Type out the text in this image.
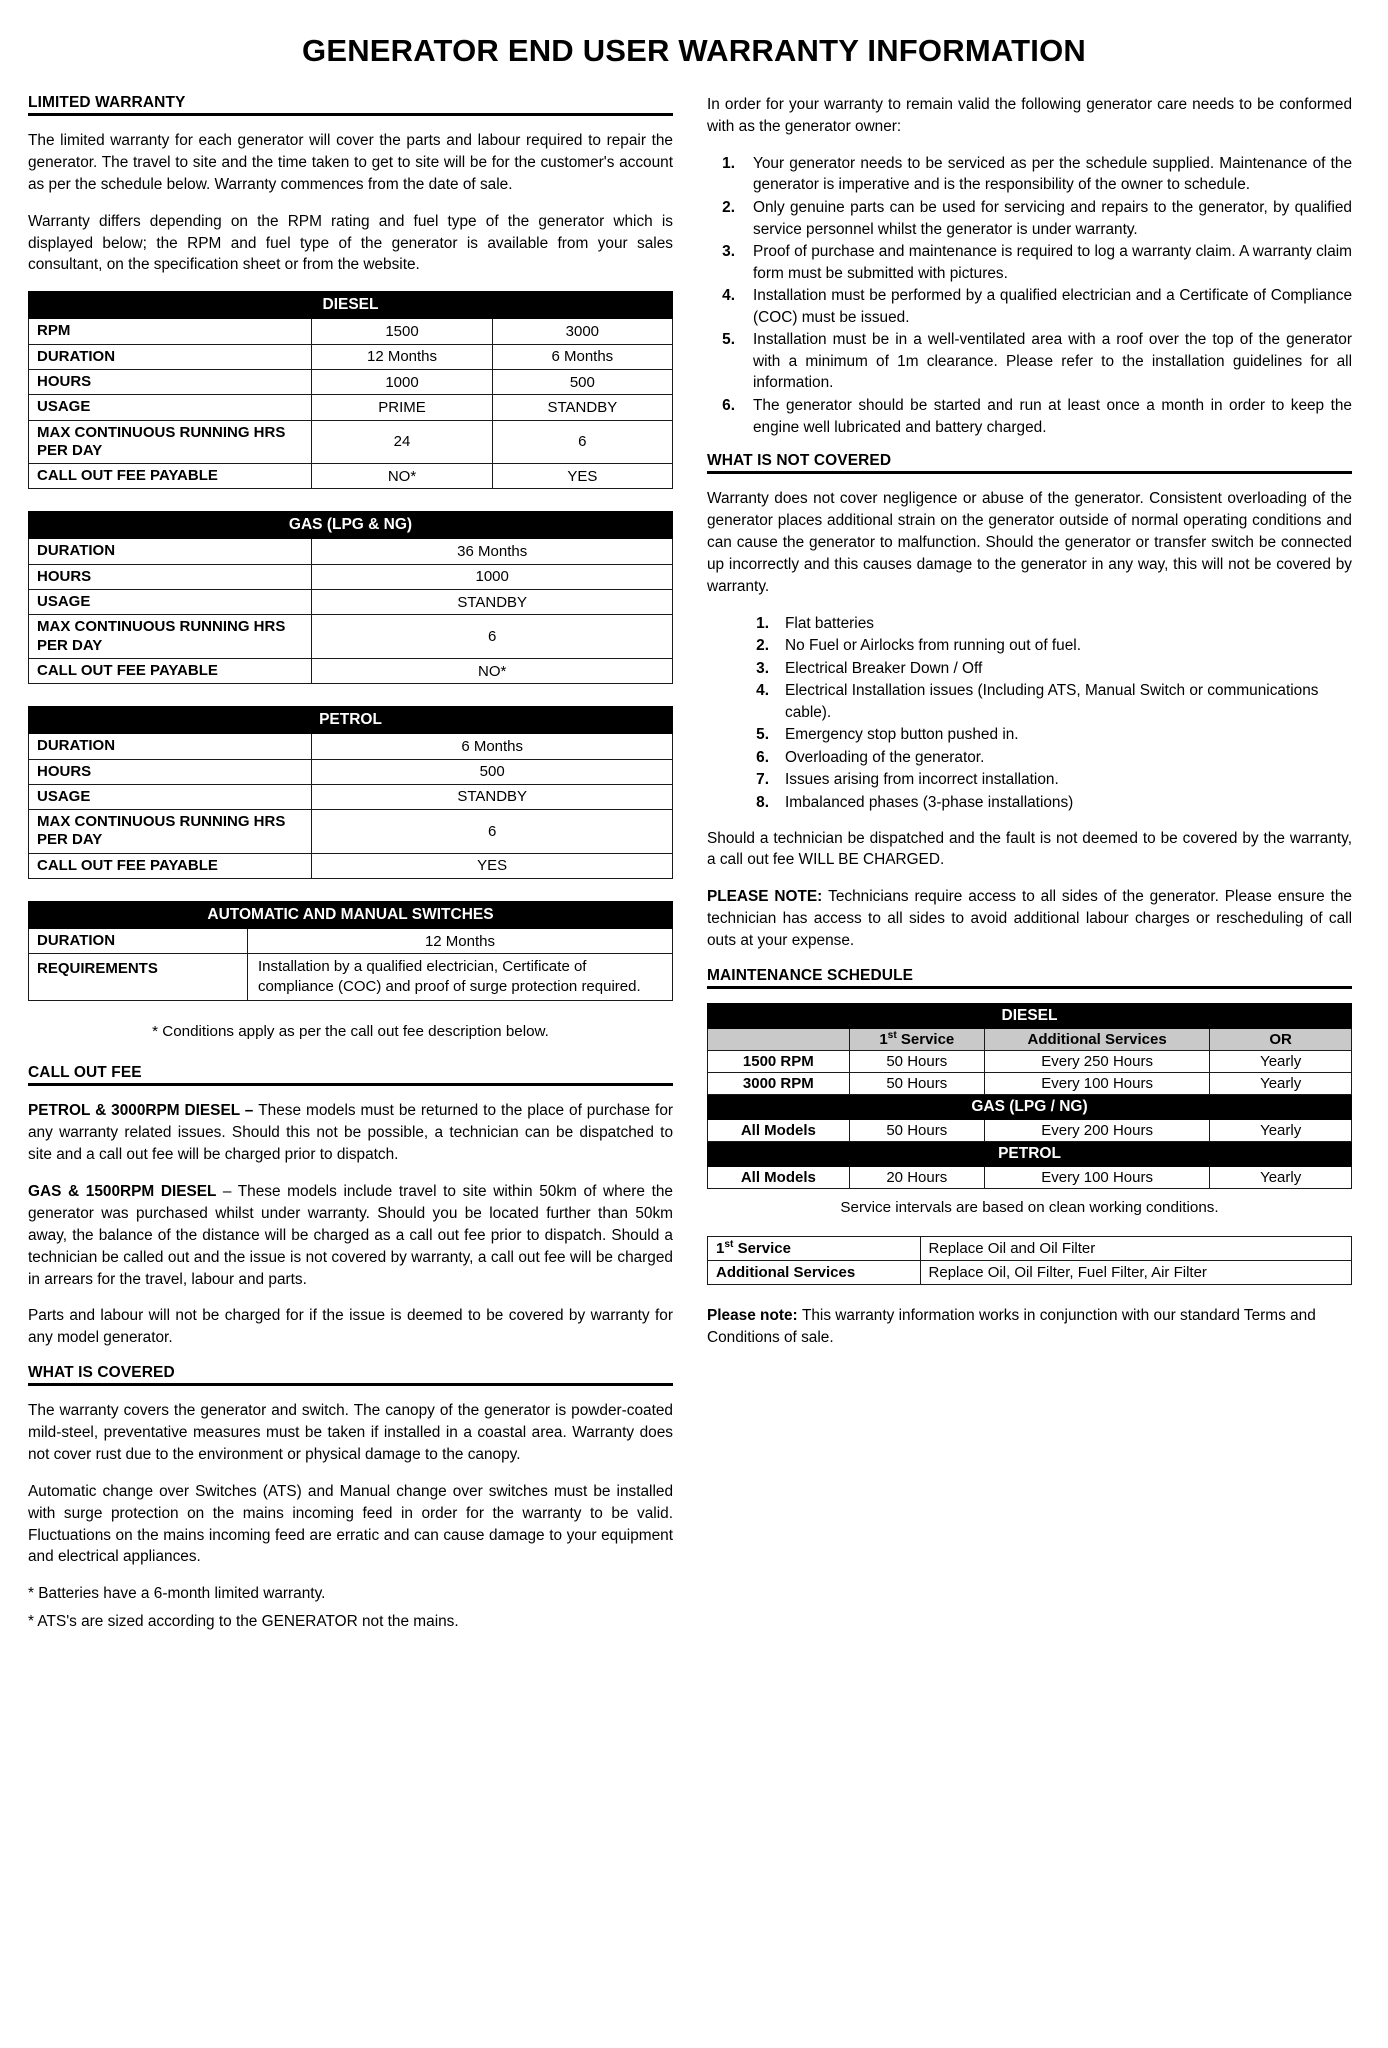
GENERATOR END USER WARRANTY INFORMATION
LIMITED WARRANTY

The limited warranty for each generator will cover the parts and labour required to repair the generator. The travel to site and the time taken to get to site will be for the customer's account as per the schedule below. Warranty commences from the date of sale.

Warranty differs depending on the RPM rating and fuel type of the generator which is displayed below; the RPM and fuel type of the generator is available from your sales consultant, on the specification sheet or from the website.

DIESEL		
RPM	1500	3000
DURATION	12 Months	6 Months
HOURS	1000	500
USAGE	PRIME	STANDBY
MAX CONTINUOUS RUNNING HRS PER DAY	24	6
CALL OUT FEE PAYABLE	NO*	YES
GAS (LPG & NG)	
DURATION	36 Months
HOURS	1000
USAGE	STANDBY
MAX CONTINUOUS RUNNING HRS PER DAY	6
CALL OUT FEE PAYABLE	NO*
PETROL	
DURATION	6 Months
HOURS	500
USAGE	STANDBY
MAX CONTINUOUS RUNNING HRS PER DAY	6
CALL OUT FEE PAYABLE	YES
AUTOMATIC AND MANUAL SWITCHES	
DURATION	12 Months
REQUIREMENTS	Installation by a qualified electrician, Certificate of compliance (COC) and proof of surge protection required.
* Conditions apply as per the call out fee description below.
CALL OUT FEE

PETROL & 3000RPM DIESEL – These models must be returned to the place of purchase for any warranty related issues. Should this not be possible, a technician can be dispatched to site and a call out fee will be charged prior to dispatch.

GAS & 1500RPM DIESEL – These models include travel to site within 50km of where the generator was purchased whilst under warranty. Should you be located further than 50km away, the balance of the distance will be charged as a call out fee prior to dispatch. Should a technician be called out and the issue is not covered by warranty, a call out fee will be charged in arrears for the travel, labour and parts.

Parts and labour will not be charged for if the issue is deemed to be covered by warranty for any model generator.

WHAT IS COVERED

The warranty covers the generator and switch. The canopy of the generator is powder-coated mild-steel, preventative measures must be taken if installed in a coastal area. Warranty does not cover rust due to the environment or physical damage to the canopy.

Automatic change over Switches (ATS) and Manual change over switches must be installed with surge protection on the mains incoming feed in order for the warranty to be valid. Fluctuations on the mains incoming feed are erratic and can cause damage to your equipment and electrical appliances.

* Batteries have a 6-month limited warranty.
* ATS's are sized according to the GENERATOR not the mains.

In order for your warranty to remain valid the following generator care needs to be conformed with as the generator owner:

1.	Your generator needs to be serviced as per the schedule supplied. Maintenance of the generator is imperative and is the responsibility of the owner to schedule.
2.	Only genuine parts can be used for servicing and repairs to the generator, by qualified service personnel whilst the generator is under warranty.
3.	Proof of purchase and maintenance is required to log a warranty claim. A warranty claim form must be submitted with pictures.
4.	Installation must be performed by a qualified electrician and a Certificate of Compliance (COC) must be issued.
5.	Installation must be in a well-ventilated area with a roof over the top of the generator with a minimum of 1m clearance. Please refer to the installation guidelines for all information.
6.	The generator should be started and run at least once a month in order to keep the engine well lubricated and battery charged.
WHAT IS NOT COVERED

Warranty does not cover negligence or abuse of the generator. Consistent overloading of the generator places additional strain on the generator outside of normal operating conditions and can cause the generator to malfunction. Should the generator or transfer switch be connected up incorrectly and this causes damage to the generator in any way, this will not be covered by warranty.

1.	Flat batteries
2.	No Fuel or Airlocks from running out of fuel.
3.	Electrical Breaker Down / Off
4.	Electrical Installation issues (Including ATS, Manual Switch or communications cable).
5.	Emergency stop button pushed in.
6.	Overloading of the generator.
7.	Issues arising from incorrect installation.
8.	Imbalanced phases (3-phase installations)

Should a technician be dispatched and the fault is not deemed to be covered by the warranty, a call out fee WILL BE CHARGED.

PLEASE NOTE: Technicians require access to all sides of the generator. Please ensure the technician has access to all sides to avoid additional labour charges or rescheduling of call outs at your expense.

MAINTENANCE SCHEDULE
DIESEL			
	1st Service	Additional Services	OR
1500 RPM	50 Hours	Every 250 Hours	Yearly
3000 RPM	50 Hours	Every 100 Hours	Yearly
GAS (LPG / NG)			
All Models	50 Hours	Every 200 Hours	Yearly
PETROL			
All Models	20 Hours	Every 100 Hours	Yearly
Service intervals are based on clean working conditions.
1st Service	Replace Oil and Oil Filter
Additional Services	Replace Oil, Oil Filter, Fuel Filter, Air Filter

Please note: This warranty information works in conjunction with our standard Terms and Conditions of sale.
